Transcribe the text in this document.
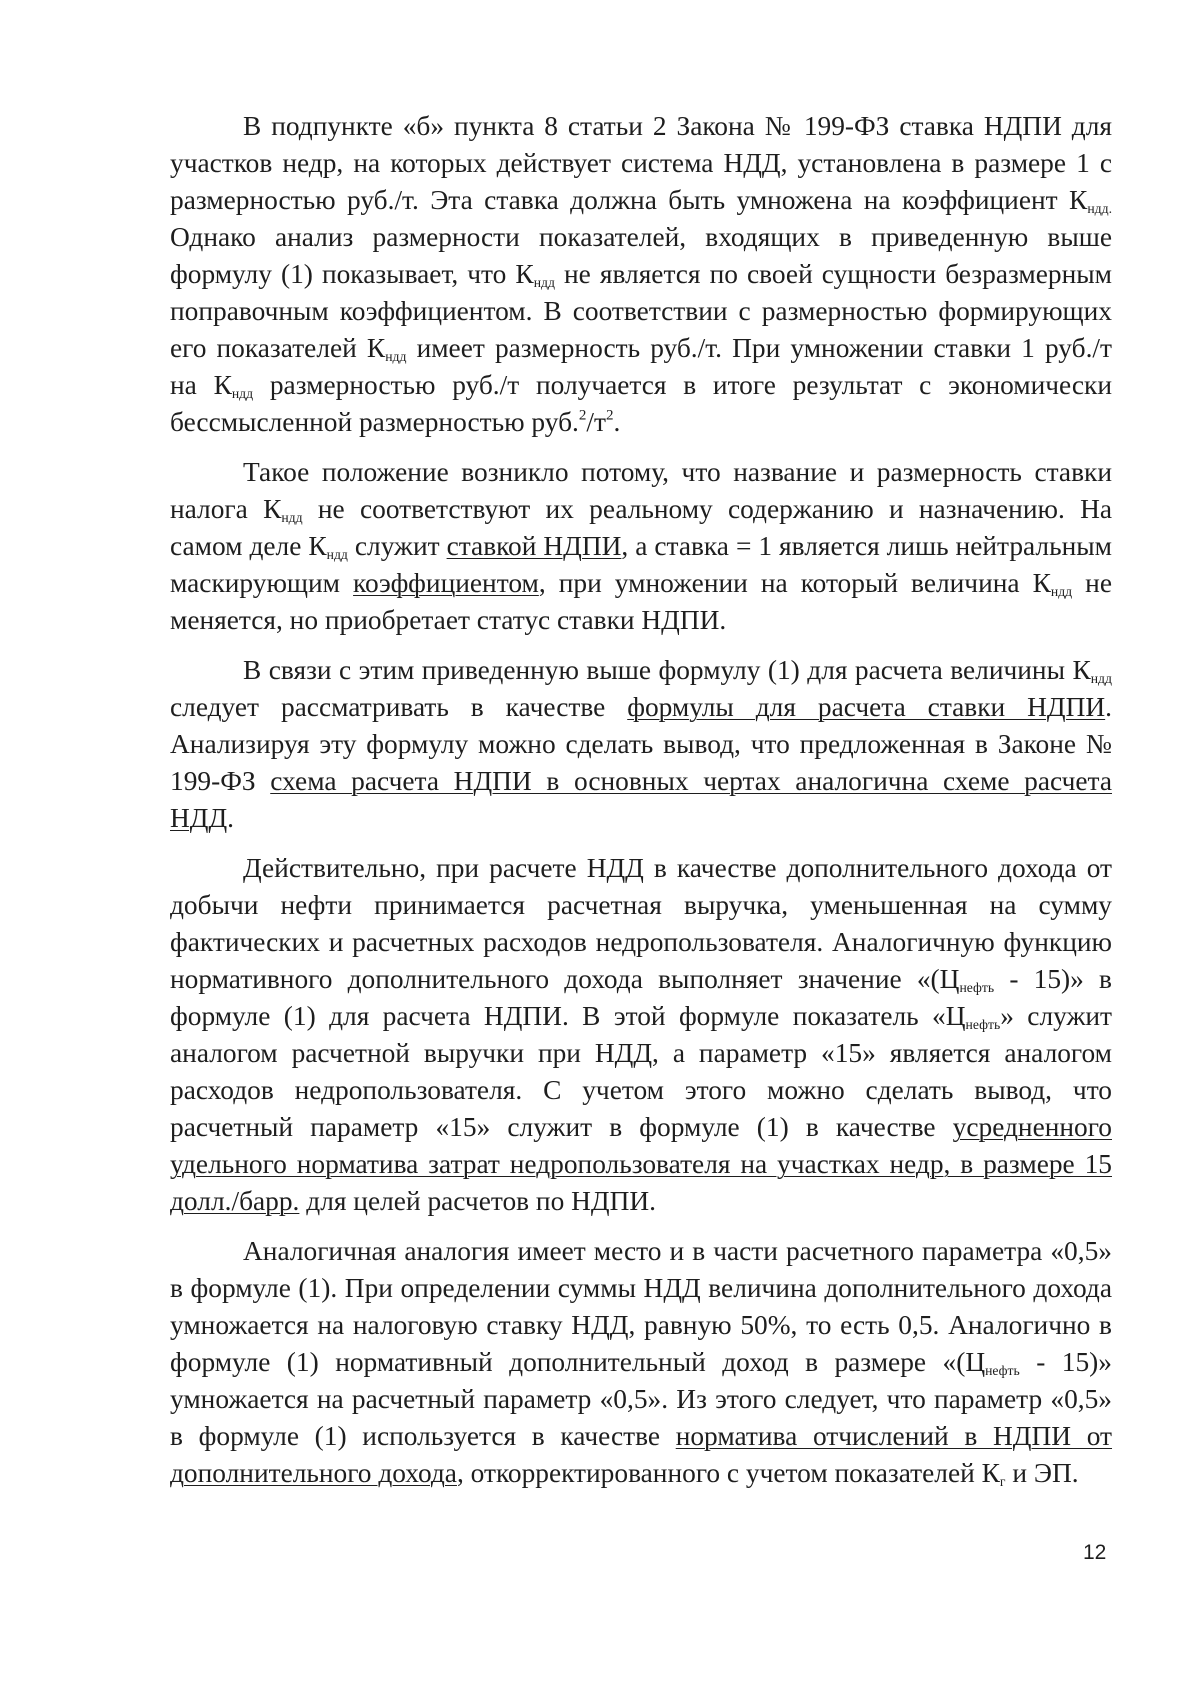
В подпункте «б» пункта 8 статьи 2 Закона № 199-ФЗ ставка НДПИ для участков недр, на которых действует система НДД, установлена в размере 1 с размерностью руб./т. Эта ставка должна быть умножена на коэффициент $К_{ндд.}$ Однако анализ размерности показателей, входящих в приведенную выше формулу (1) показывает, что $К_{ндд}$ не является по своей сущности безразмерным поправочным коэффициентом. В соответствии с размерностью формирующих его показателей $К_{ндд}$ имеет размерность руб./т. При умножении ставки 1 руб./т на $К_{ндд}$ размерностью руб./т получается в итоге результат с экономически бессмысленной размерностью $руб.^2/т^2$.

Такое положение возникло потому, что название и размерность ставки налога $К_{ндд}$ не соответствуют их реальному содержанию и назначению. На самом деле $К_{ндд}$ служит ставкой НДПИ, а ставка = 1 является лишь нейтральным маскирующим коэффициентом, при умножении на который величина $К_{ндд}$ не меняется, но приобретает статус ставки НДПИ.

В связи с этим приведенную выше формулу (1) для расчета величины $К_{ндд}$ следует рассматривать в качестве формулы для расчета ставки НДПИ. Анализируя эту формулу можно сделать вывод, что предложенная в Законе № 199-ФЗ схема расчета НДПИ в основных чертах аналогична схеме расчета НДД.

Действительно, при расчете НДД в качестве дополнительного дохода от добычи нефти принимается расчетная выручка, уменьшенная на сумму фактических и расчетных расходов недропользователя. Аналогичную функцию нормативного дополнительного дохода выполняет значение «$(Ц_{нефть} - 15)$» в формуле (1) для расчета НДПИ. В этой формуле показатель «$Ц_{нефть}$» служит аналогом расчетной выручки при НДД, а параметр «15» является аналогом расходов недропользователя. С учетом этого можно сделать вывод, что расчетный параметр «15» служит в формуле (1) в качестве усредненного удельного норматива затрат недропользователя на участках недр, в размере 15 долл./барр. для целей расчетов по НДПИ.

Аналогичная аналогия имеет место и в части расчетного параметра «0,5» в формуле (1). При определении суммы НДД величина дополнительного дохода умножается на налоговую ставку НДД, равную 50%, то есть 0,5. Аналогично в формуле (1) нормативный дополнительный доход в размере «$(Ц_{нефть} - 15)$» умножается на расчетный параметр «0,5». Из этого следует, что параметр «0,5» в формуле (1) используется в качестве норматива отчислений в НДПИ от дополнительного дохода, откорректированного с учетом показателей $К_г$ и ЭП.

12
